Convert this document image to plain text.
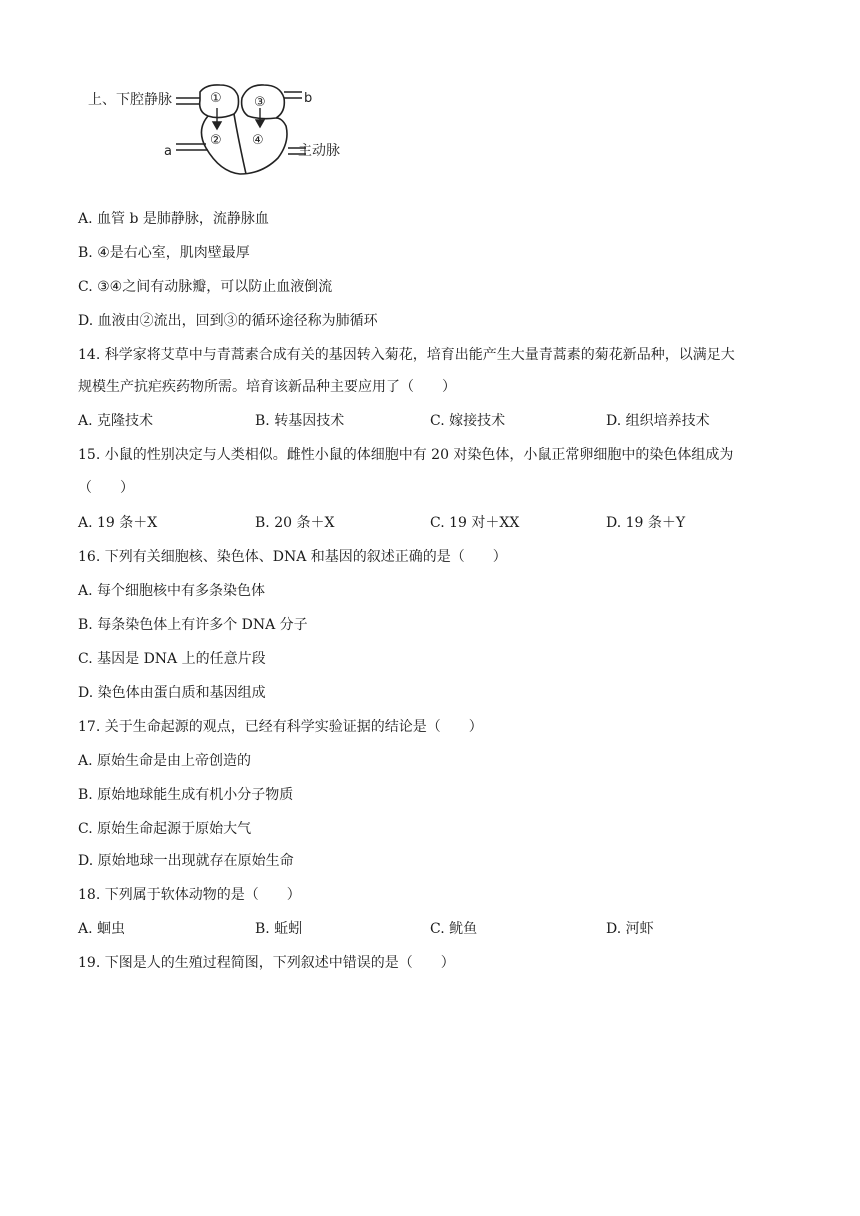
上、下腔静脉	b
a	主动脉
① ③
② ④
A. 血管 b 是肺静脉，流静脉血
B. ④是右心室，肌肉壁最厚
C. ③④之间有动脉瓣，可以防止血液倒流
D. 血液由②流出，回到③的循环途径称为肺循环
14. 科学家将艾草中与青蒿素合成有关的基因转入菊花，培育出能产生大量青蒿素的菊花新品种，以满足大
规模生产抗疟疾药物所需。培育该新品种主要应用了（　　）
A. 克隆技术	B. 转基因技术	C. 嫁接技术	D. 组织培养技术
15. 小鼠的性别决定与人类相似。雌性小鼠的体细胞中有 20 对染色体，小鼠正常卵细胞中的染色体组成为
（　　）
A. 19 条＋X	B. 20 条＋X	C. 19 对＋XX	D. 19 条＋Y
16. 下列有关细胞核、染色体、DNA 和基因的叙述正确的是（　　）
A. 每个细胞核中有多条染色体
B. 每条染色体上有许多个 DNA 分子
C. 基因是 DNA 上的任意片段
D. 染色体由蛋白质和基因组成
17. 关于生命起源的观点，已经有科学实验证据的结论是（　　）
A. 原始生命是由上帝创造的
B. 原始地球能生成有机小分子物质
C. 原始生命起源于原始大气
D. 原始地球一出现就存在原始生命
18. 下列属于软体动物的是（　　）
A. 蛔虫	B. 蚯蚓	C. 鱿鱼	D. 河虾
19. 下图是人的生殖过程简图，下列叙述中错误的是（　　）
